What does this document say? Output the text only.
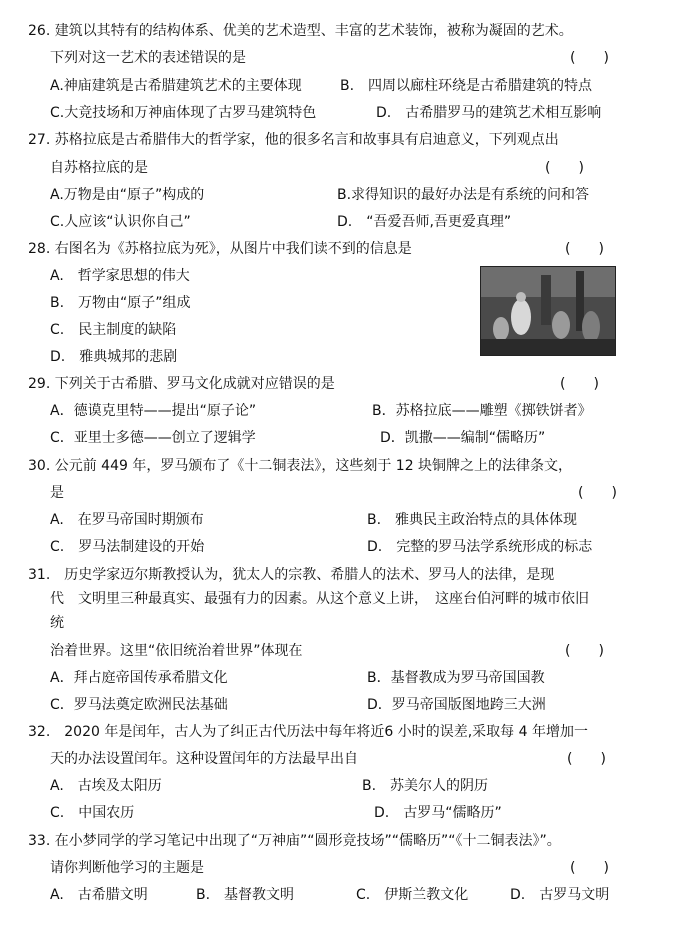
26. 建筑以其特有的结构体系、优美的艺术造型、丰富的艺术装饰，被称为凝固的艺术。
下列对这一艺术的表述错误的是	(　　)
A.神庙建筑是古希腊建筑艺术的主要体现	B.　四周以廊柱环绕是古希腊建筑的特点
C.大竞技场和万神庙体现了古罗马建筑特色	D.　古希腊罗马的建筑艺术相互影响
27. 苏格拉底是古希腊伟大的哲学家，他的很多名言和故事具有启迪意义，下列观点出
自苏格拉底的是	(　　)
A.万物是由“原子”构成的	B.求得知识的最好办法是有系统的问和答
C.人应该“认识你自己”	D.　“吾爱吾师,吾更爱真理”
28. 右图名为《苏格拉底为死》，从图片中我们读不到的信息是	(　　)
A.　哲学家思想的伟大
B.　万物由“原子”组成
C.　民主制度的缺陷
D.　雅典城邦的悲剧
29. 下列关于古希腊、罗马文化成就对应错误的是	(　　)
A．德谟克里特——提出“原子论”	B．苏格拉底——雕塑《掷铁饼者》
C．亚里士多德——创立了逻辑学	D．凯撒——编制“儒略历”
30. 公元前 449 年，罗马颁布了《十二铜表法》，这些刻于 12 块铜牌之上的法律条文，
是	(　　)
A.　在罗马帝国时期颁布	B.　雅典民主政治特点的具体体现
C.　罗马法制建设的开始	D.　完整的罗马法学系统形成的标志
31.　历史学家迈尔斯教授认为，犹太人的宗教、希腊人的法术、罗马人的法律，是现
代　文明里三种最真实、最强有力的因素。从这个意义上讲，　这座台伯河畔的城市依旧
统
治着世界。这里“依旧统治着世界”体现在	(　　)
A．拜占庭帝国传承希腊文化	B．基督教成为罗马帝国国教
C．罗马法奠定欧洲民法基础	D．罗马帝国版图地跨三大洲
32.　2020 年是闰年，古人为了纠正古代历法中每年将近6 小时的误差,采取每 4 年增加一
天的办法设置闰年。这种设置闰年的方法最早出自	(　　)
A.　古埃及太阳历	B.　苏美尔人的阴历
C.　中国农历	D.　古罗马“儒略历”
33. 在小梦同学的学习笔记中出现了“万神庙”“圆形竞技场”“儒略历”“《十二铜表法》”。
请你判断他学习的主题是	(　　)
A.　古希腊文明	B.　基督教文明	C.　伊斯兰教文化	D.　古罗马文明
